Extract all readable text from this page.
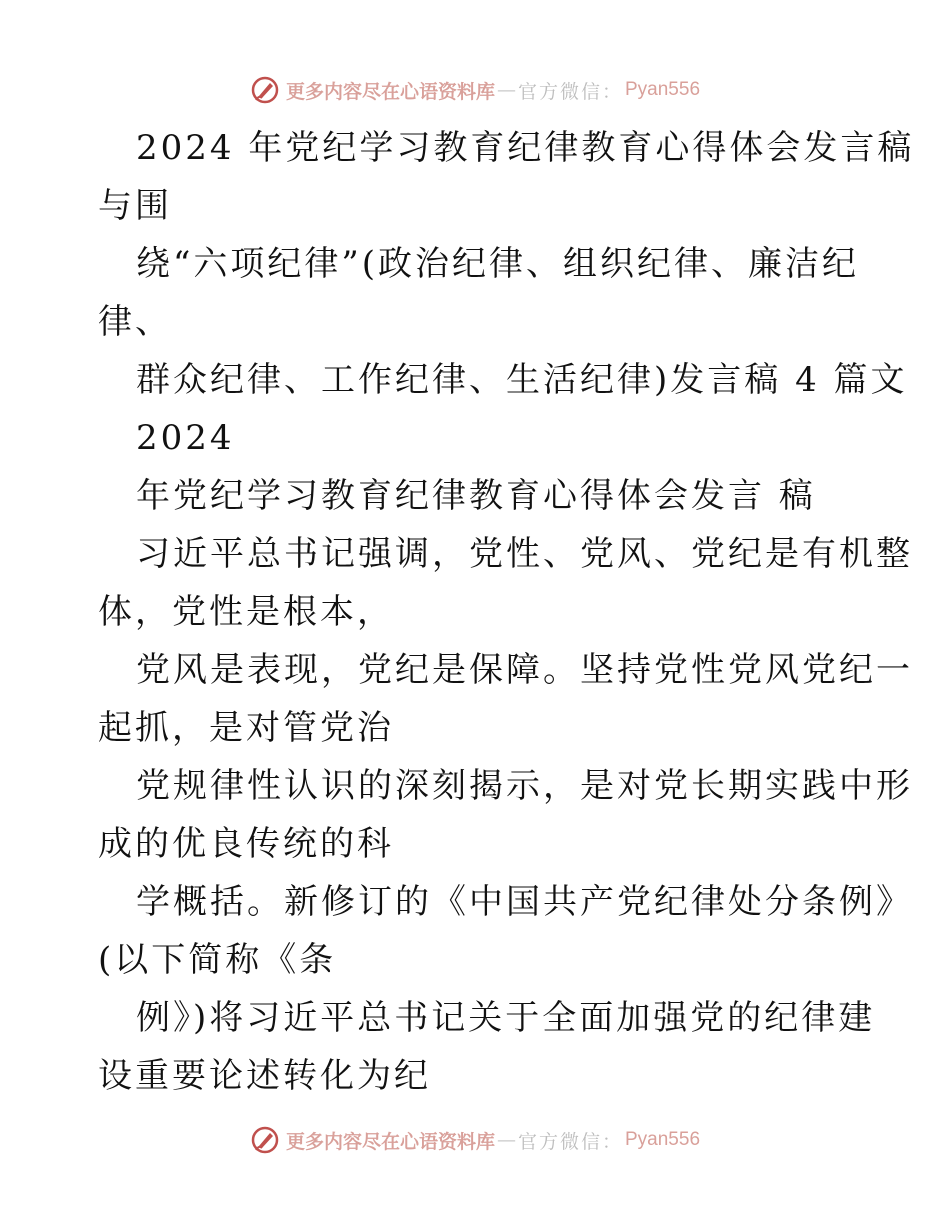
更多内容尽在心语资料库 — 官方微信： Pyan556
2024 年党纪学习教育纪律教育心得体会发言稿
与围
绕“六项纪律”(政治纪律、组织纪律、廉洁纪
律、
群众纪律、工作纪律、生活纪律)发言稿 4 篇文
2024
年党纪学习教育纪律教育心得体会发言 稿
习近平总书记强调，党性、党风、党纪是有机整
体，党性是根本，
党风是表现，党纪是保障。坚持党性党风党纪一
起抓，是对管党治
党规律性认识的深刻揭示，是对党长期实践中形
成的优良传统的科
学概括。新修订的《中国共产党纪律处分条例》
(以下简称《条
例》)将习近平总书记关于全面加强党的纪律建
设重要论述转化为纪
更多内容尽在心语资料库 — 官方微信： Pyan556
